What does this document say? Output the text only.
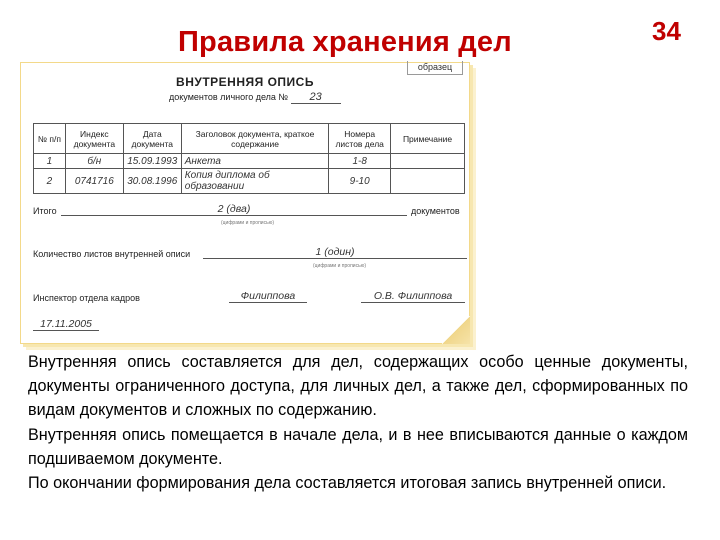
Правила хранения дел	34
образец
ВНУТРЕННЯЯ ОПИСЬ
документов личного дела № 23
№ п/п	Индекс документа	Дата документа	Заголовок документа, краткое содержание	Номера листов дела	Примечание
1	б/н	15.09.1993	Анкета	1-8	
2	0741716	30.08.1996	Копия диплома об образовании	9-10	
Итого	2 (два)	документов
(цифрами и прописью)
Количество листов внутренней описи	1 (один)
(цифрами и прописью)
Инспектор отдела кадров	Филиппова	О.В. Филиппова
17.11.2005

Внутренняя опись составляется для дел, содержащих особо ценные документы, документы ограниченного доступа, для личных дел, а также дел, сформированных по видам документов и сложных по содержанию.

Внутренняя опись помещается в начале дела, и в нее вписываются данные о каждом подшиваемом документе.

По окончании формирования дела составляется итоговая запись внутренней описи.
